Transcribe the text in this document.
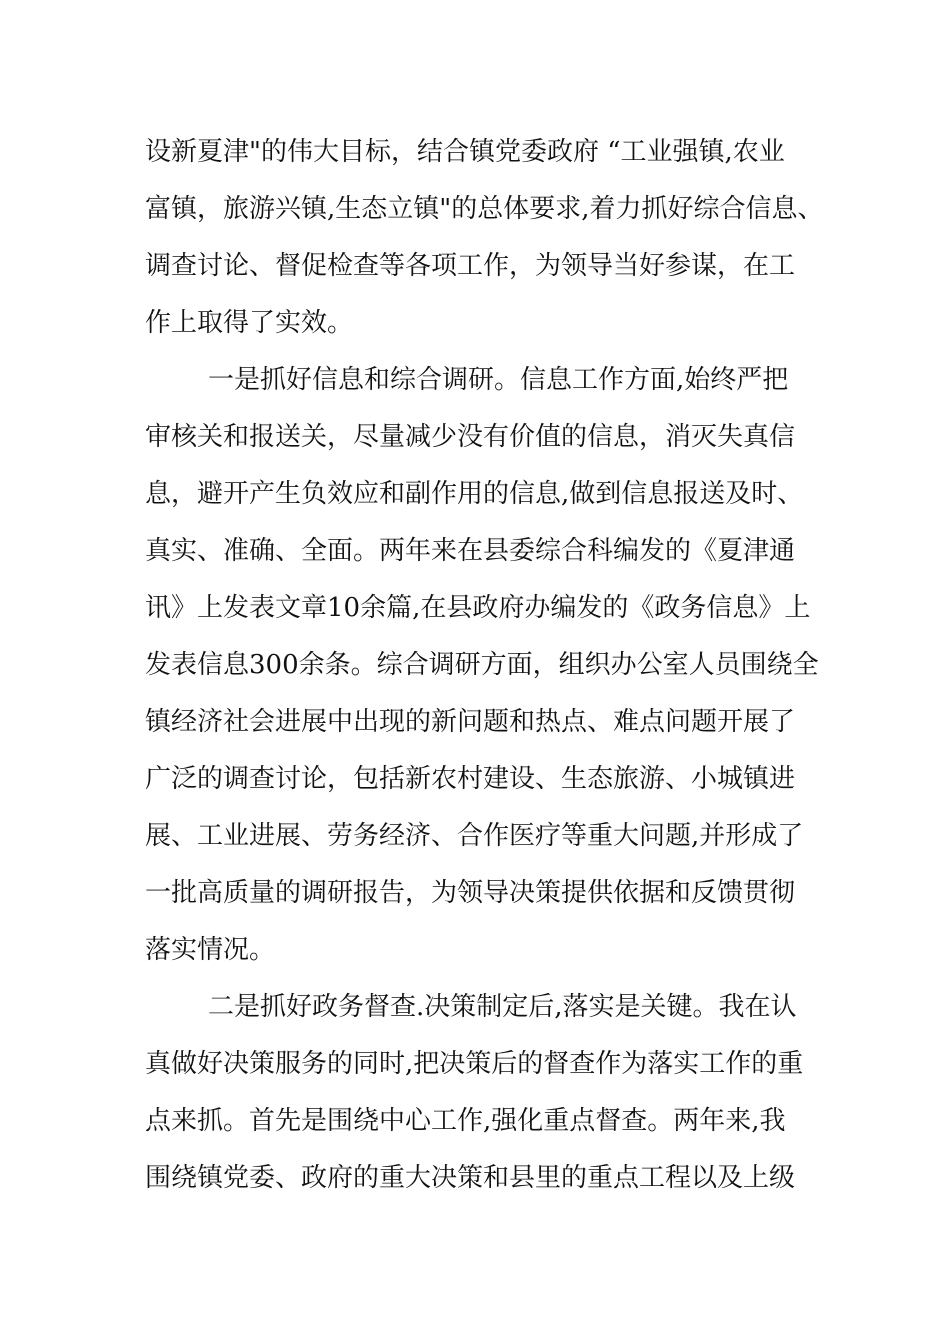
设新夏津"的伟大目标，结合镇党委政府 “工业强镇,农业
富镇，旅游兴镇,生态立镇"的总体要求,着力抓好综合信息、
调查讨论、督促检查等各项工作，为领导当好参谋，在工
作上取得了实效。
一是抓好信息和综合调研。信息工作方面,始终严把
审核关和报送关，尽量减少没有价值的信息，消灭失真信
息，避开产生负效应和副作用的信息,做到信息报送及时、
真实、准确、全面。两年来在县委综合科编发的《夏津通
讯》上发表文章10余篇,在县政府办编发的《政务信息》上
发表信息300余条。综合调研方面，组织办公室人员围绕全
镇经济社会进展中出现的新问题和热点、难点问题开展了
广泛的调查讨论，包括新农村建设、生态旅游、小城镇进
展、工业进展、劳务经济、合作医疗等重大问题,并形成了
一批高质量的调研报告，为领导决策提供依据和反馈贯彻
落实情况。
二是抓好政务督查.决策制定后,落实是关键。我在认
真做好决策服务的同时,把决策后的督查作为落实工作的重
点来抓。首先是围绕中心工作,强化重点督查。两年来,我
围绕镇党委、政府的重大决策和县里的重点工程以及上级
